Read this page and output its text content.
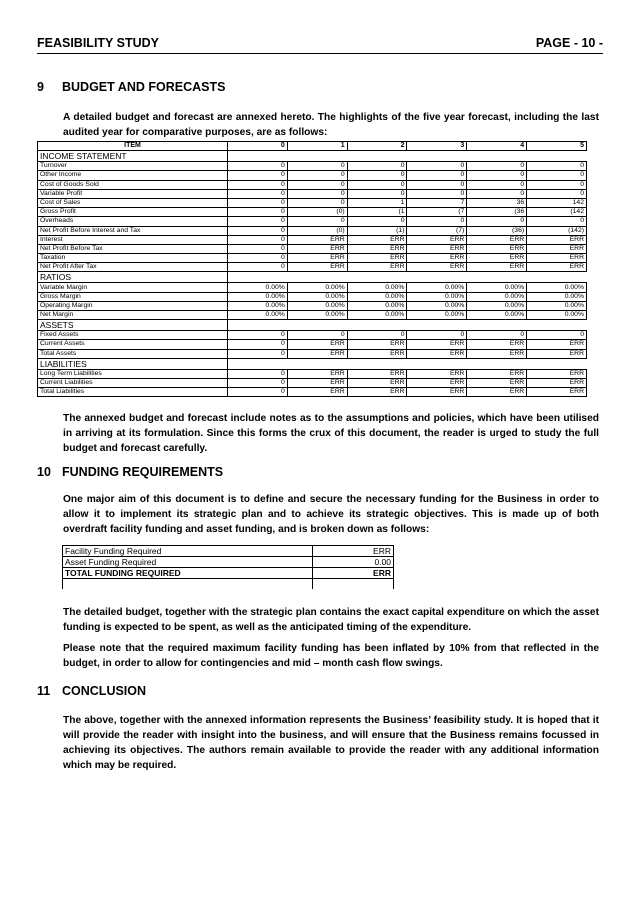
FEASIBILITY STUDY	PAGE - 10 -
9 BUDGET AND FORECASTS

A detailed budget and forecast are annexed hereto. The highlights of the five year forecast, including the last audited year for comparative purposes, are as follows:

ITEM	0	1	2	3	4	5
INCOME STATEMENT						
Turnover	0	0	0	0	0	0
Other Income	0	0	0	0	0	0
Cost of Goods Sold	0	0	0	0	0	0
Variable Profit	0	0	0	0	0	0
Cost of Sales	0	0	1	7	36	142
Gross Profit	0	(0)	(1	(7	(36	(142
Overheads	0	0	0	0	0	0
Net Profit Before Interest and Tax	0	(0)	(1)	(7)	(36)	(142)
Interest	0	ERR	ERR	ERR	ERR	ERR
Net Profit Before Tax	0	ERR	ERR	ERR	ERR	ERR
Taxation	0	ERR	ERR	ERR	ERR	ERR
Net Profit After Tax	0	ERR	ERR	ERR	ERR	ERR
RATIOS						
Variable Margin	0.00%	0.00%	0.00%	0.00%	0.00%	0.00%
Gross Margin	0.00%	0.00%	0.00%	0.00%	0.00%	0.00%
Operating Margin	0.00%	0.00%	0.00%	0.00%	0.00%	0.00%
Net Margin	0.00%	0.00%	0.00%	0.00%	0.00%	0.00%
ASSETS						
Fixed Assets	0	0	0	0	0	0
Current Assets	0	ERR	ERR	ERR	ERR	ERR
Total Assets	0	ERR	ERR	ERR	ERR	ERR
LIABILITIES						
Long Term Liabilities	0	ERR	ERR	ERR	ERR	ERR
Current Liabilities	0	ERR	ERR	ERR	ERR	ERR
Total Liabilities	0	ERR	ERR	ERR	ERR	ERR

The annexed budget and forecast include notes as to the assumptions and policies, which have been utilised in arriving at its formulation. Since this forms the crux of this document, the reader is urged to study the full budget and forecast carefully.

10 FUNDING REQUIREMENTS

One major aim of this document is to define and secure the necessary funding for the Business in order to allow it to implement its strategic plan and to achieve its strategic objectives. This is made up of both overdraft facility funding and asset funding, and is broken down as follows:

Facility Funding Required	ERR
Asset Funding Required	0.00
TOTAL FUNDING REQUIRED	ERR

The detailed budget, together with the strategic plan contains the exact capital expenditure on which the asset funding is expected to be spent, as well as the anticipated timing of the expenditure.

Please note that the required maximum facility funding has been inflated by 10% from that reflected in the budget, in order to allow for contingencies and mid – month cash flow swings.

11 CONCLUSION

The above, together with the annexed information represents the Business’ feasibility study. It is hoped that it will provide the reader with insight into the business, and will ensure that the Business remains focussed in achieving its objectives. The authors remain available to provide the reader with any additional information which may be required.
